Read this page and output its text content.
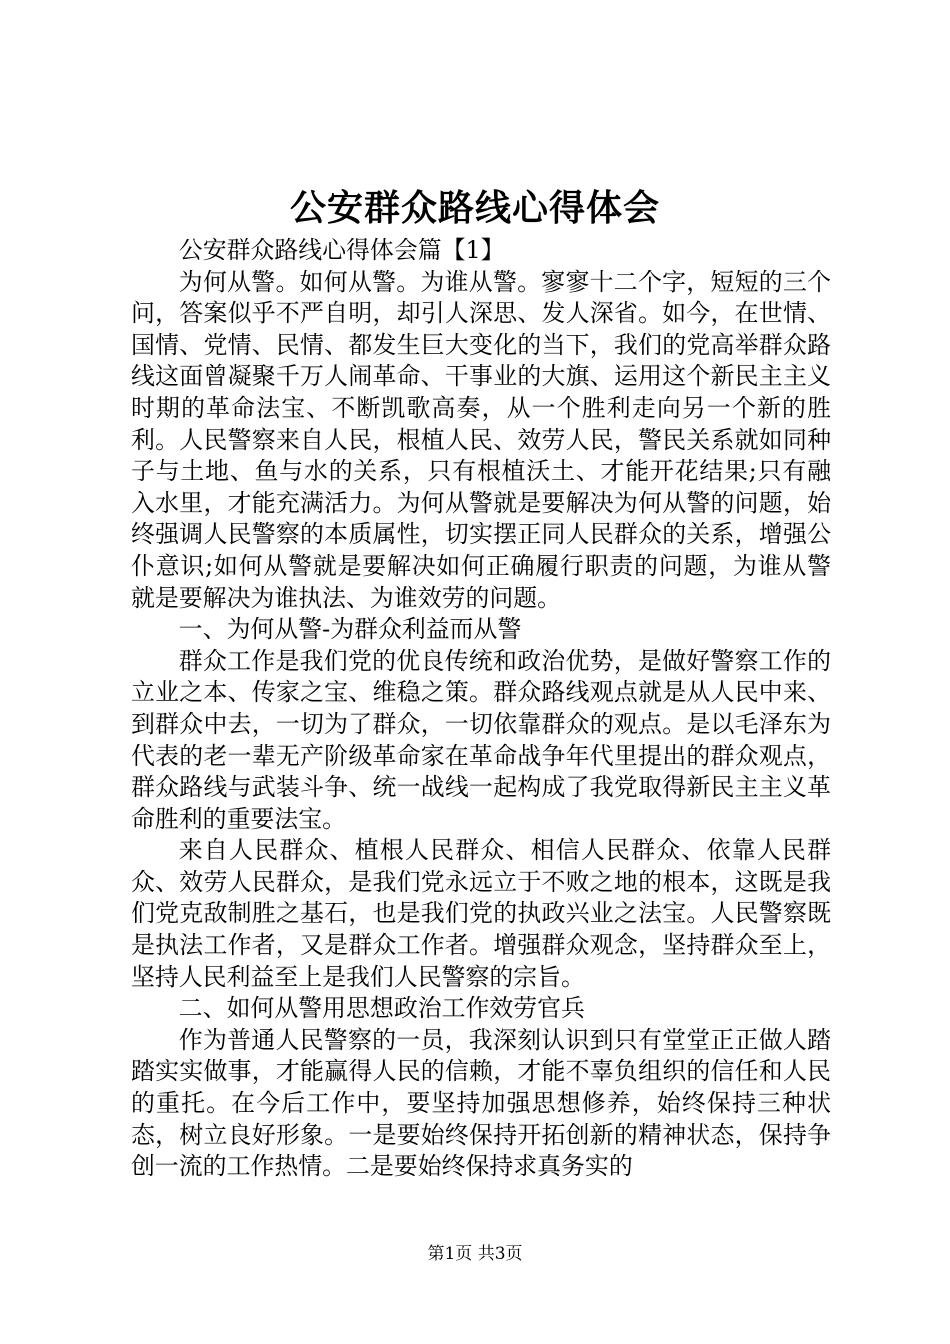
公安群众路线心得体会

公安群众路线心得体会篇【1】

为何从警。如何从警。为谁从警。寥寥十二个字，短短的三个问，答案似乎不严自明，却引人深思、发人深省。如今，在世情、国情、党情、民情、都发生巨大变化的当下，我们的党高举群众路线这面曾凝聚千万人闹革命、干事业的大旗、运用这个新民主主义时期的革命法宝、不断凯歌高奏，从一个胜利走向另一个新的胜利。人民警察来自人民，根植人民、效劳人民，警民关系就如同种子与土地、鱼与水的关系，只有根植沃土、才能开花结果;只有融入水里，才能充满活力。为何从警就是要解决为何从警的问题，始终强调人民警察的本质属性，切实摆正同人民群众的关系，增强公仆意识;如何从警就是要解决如何正确履行职责的问题，为谁从警就是要解决为谁执法、为谁效劳的问题。

一、为何从警-为群众利益而从警

群众工作是我们党的优良传统和政治优势，是做好警察工作的立业之本、传家之宝、维稳之策。群众路线观点就是从人民中来、到群众中去，一切为了群众，一切依靠群众的观点。是以毛泽东为代表的老一辈无产阶级革命家在革命战争年代里提出的群众观点，群众路线与武装斗争、统一战线一起构成了我党取得新民主主义革命胜利的重要法宝。

来自人民群众、植根人民群众、相信人民群众、依靠人民群众、效劳人民群众，是我们党永远立于不败之地的根本，这既是我们党克敌制胜之基石，也是我们党的执政兴业之法宝。人民警察既是执法工作者，又是群众工作者。增强群众观念，坚持群众至上，坚持人民利益至上是我们人民警察的宗旨。

二、如何从警用思想政治工作效劳官兵

作为普通人民警察的一员，我深刻认识到只有堂堂正正做人踏踏实实做事，才能赢得人民的信赖，才能不辜负组织的信任和人民的重托。在今后工作中，要坚持加强思想修养，始终保持三种状态，树立良好形象。一是要始终保持开拓创新的精神状态，保持争创一流的工作热情。二是要始终保持求真务实的

第1页 共3页
